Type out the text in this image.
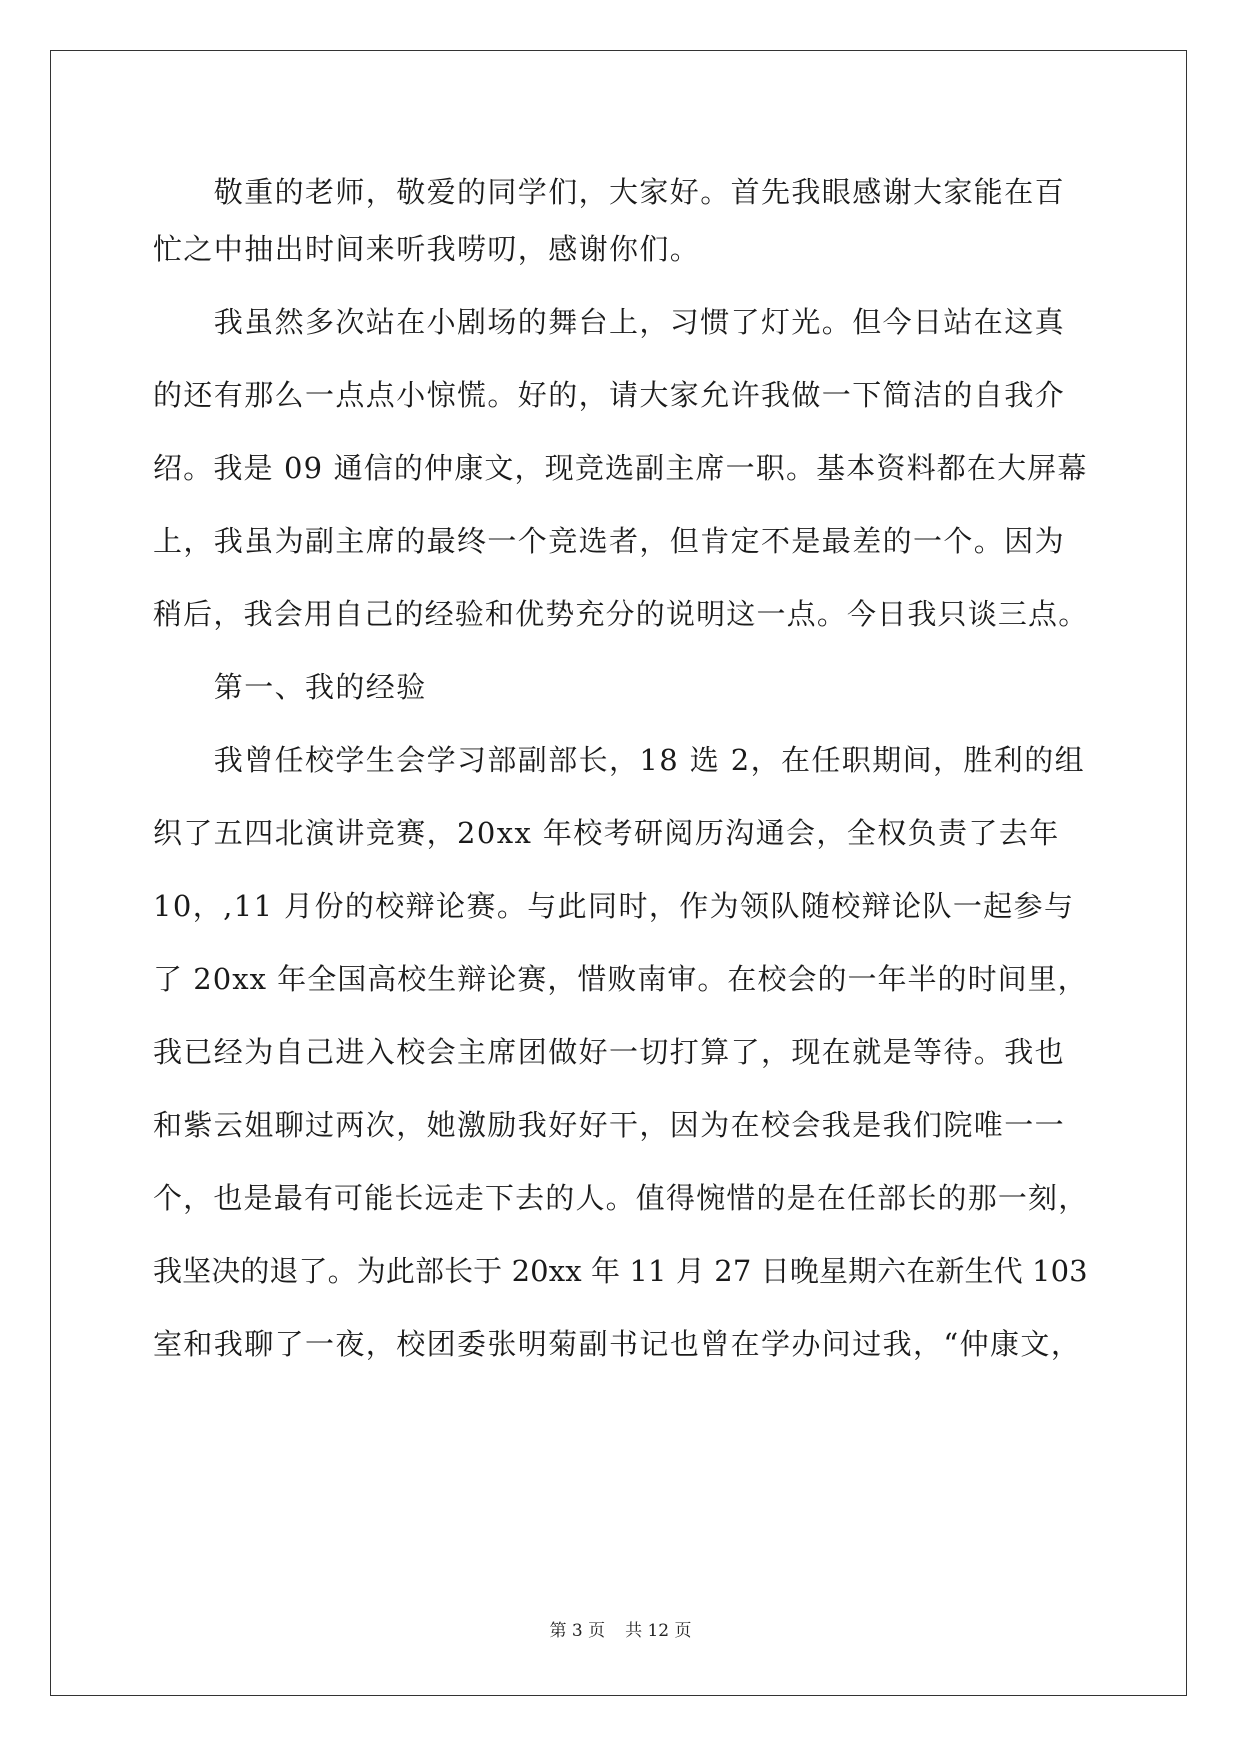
　　敬重的老师，敬爱的同学们，大家好。首先我眼感谢大家能在百
忙之中抽出时间来听我唠叨，感谢你们。
　　我虽然多次站在小剧场的舞台上，习惯了灯光。但今日站在这真
的还有那么一点点小惊慌。好的，请大家允许我做一下简洁的自我介
绍。我是 09 通信的仲康文，现竞选副主席一职。基本资料都在大屏幕
上，我虽为副主席的最终一个竞选者，但肯定不是最差的一个。因为
稍后，我会用自己的经验和优势充分的说明这一点。今日我只谈三点。
　　第一、我的经验
　　我曾任校学生会学习部副部长，18 选 2，在任职期间，胜利的组
织了五四北演讲竞赛，20xx 年校考研阅历沟通会，全权负责了去年
10，,11 月份的校辩论赛。与此同时，作为领队随校辩论队一起参与
了 20xx 年全国高校生辩论赛，惜败南审。在校会的一年半的时间里，
我已经为自己进入校会主席团做好一切打算了，现在就是等待。我也
和紫云姐聊过两次，她激励我好好干，因为在校会我是我们院唯一一
个，也是最有可能长远走下去的人。值得惋惜的是在任部长的那一刻，
我坚决的退了。为此部长于 20xx 年 11 月 27 日晚星期六在新生代 103
室和我聊了一夜，校团委张明菊副书记也曾在学办问过我，“仲康文，
第 3 页 共 12 页
